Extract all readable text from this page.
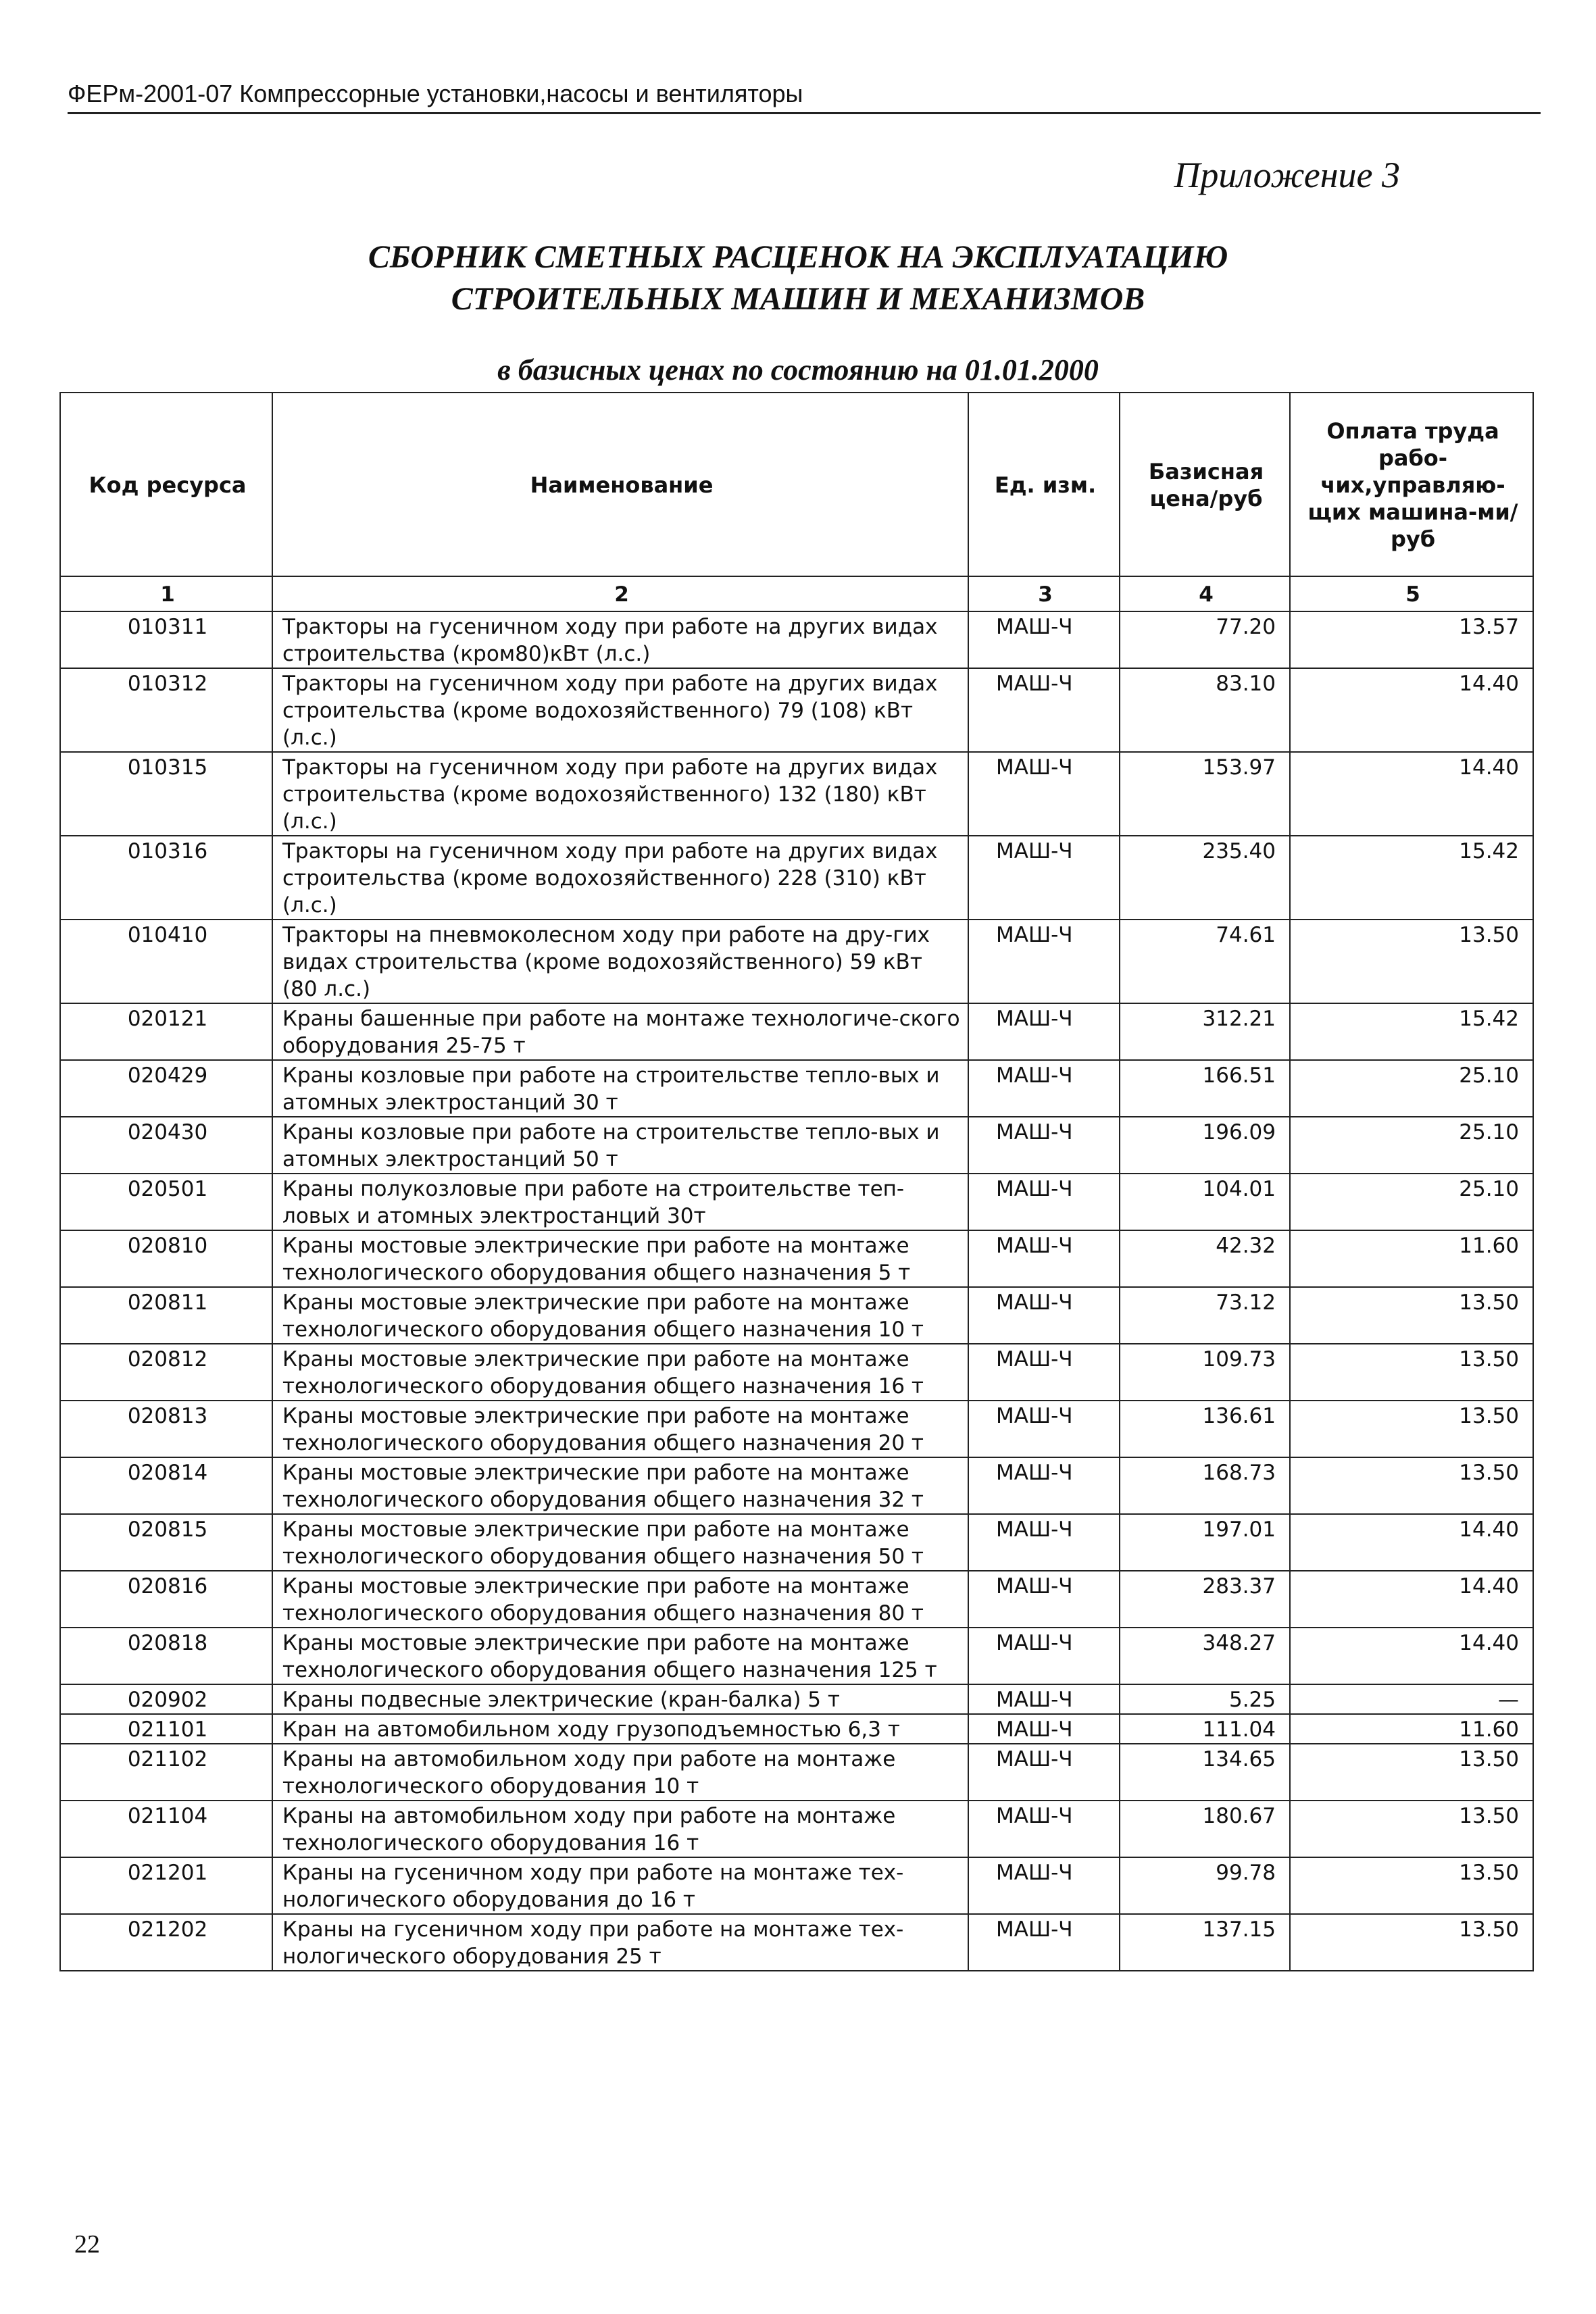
ФЕРм-2001-07 Компрессорные установки,насосы и вентиляторы
Приложение 3
СБОРНИК СМЕТНЫХ РАСЦЕНОК НА ЭКСПЛУАТАЦИЮ
СТРОИТЕЛЬНЫХ МАШИН И МЕХАНИЗМОВ
в базисных ценах по состоянию на 01.01.2000
Код ресурса	Наименование	Ед. изм.	Базисная цена/руб	Оплата труда рабо-чих,управляю-щих машина-ми/руб
1	2	3	4	5
010311	Тракторы на гусеничном ходу при работе на других видах строительства (кром80)кВт (л.с.)	МАШ-Ч	77.20	13.57
010312	Тракторы на гусеничном ходу при работе на других видах строительства (кроме водохозяйственного) 79 (108) кВт (л.с.)	МАШ-Ч	83.10	14.40
010315	Тракторы на гусеничном ходу при работе на других видах строительства (кроме водохозяйственного) 132 (180) кВт (л.с.)	МАШ-Ч	153.97	14.40
010316	Тракторы на гусеничном ходу при работе на других видах строительства (кроме водохозяйственного) 228 (310) кВт (л.с.)	МАШ-Ч	235.40	15.42
010410	Тракторы на пневмоколесном ходу при работе на дру-гих видах строительства (кроме водохозяйственного) 59 кВт (80 л.с.)	МАШ-Ч	74.61	13.50
020121	Краны башенные при работе на монтаже технологиче-ского оборудования 25-75 т	МАШ-Ч	312.21	15.42
020429	Краны козловые при работе на строительстве тепло-вых и атомных электростанций 30 т	МАШ-Ч	166.51	25.10
020430	Краны козловые при работе на строительстве тепло-вых и атомных электростанций 50 т	МАШ-Ч	196.09	25.10
020501	Краны полукозловые при работе на строительстве теп-ловых и атомных электростанций 30т	МАШ-Ч	104.01	25.10
020810	Краны мостовые электрические при работе на монтаже технологического оборудования общего назначения 5 т	МАШ-Ч	42.32	11.60
020811	Краны мостовые электрические при работе на монтаже технологического оборудования общего назначения 10 т	МАШ-Ч	73.12	13.50
020812	Краны мостовые электрические при работе на монтаже технологического оборудования общего назначения 16 т	МАШ-Ч	109.73	13.50
020813	Краны мостовые электрические при работе на монтаже технологического оборудования общего назначения 20 т	МАШ-Ч	136.61	13.50
020814	Краны мостовые электрические при работе на монтаже технологического оборудования общего назначения 32 т	МАШ-Ч	168.73	13.50
020815	Краны мостовые электрические при работе на монтаже технологического оборудования общего назначения 50 т	МАШ-Ч	197.01	14.40
020816	Краны мостовые электрические при работе на монтаже технологического оборудования общего назначения 80 т	МАШ-Ч	283.37	14.40
020818	Краны мостовые электрические при работе на монтаже технологического оборудования общего назначения 125 т	МАШ-Ч	348.27	14.40
020902	Краны подвесные электрические (кран-балка) 5 т	МАШ-Ч	5.25	—
021101	Кран на автомобильном ходу грузоподъемностью 6,3 т	МАШ-Ч	111.04	11.60
021102	Краны на автомобильном ходу при работе на монтаже технологического оборудования 10 т	МАШ-Ч	134.65	13.50
021104	Краны на автомобильном ходу при работе на монтаже технологического оборудования 16 т	МАШ-Ч	180.67	13.50
021201	Краны на гусеничном ходу при работе на монтаже тех-нологического оборудования до 16 т	МАШ-Ч	99.78	13.50
021202	Краны на гусеничном ходу при работе на монтаже тех-нологического оборудования 25 т	МАШ-Ч	137.15	13.50
22
